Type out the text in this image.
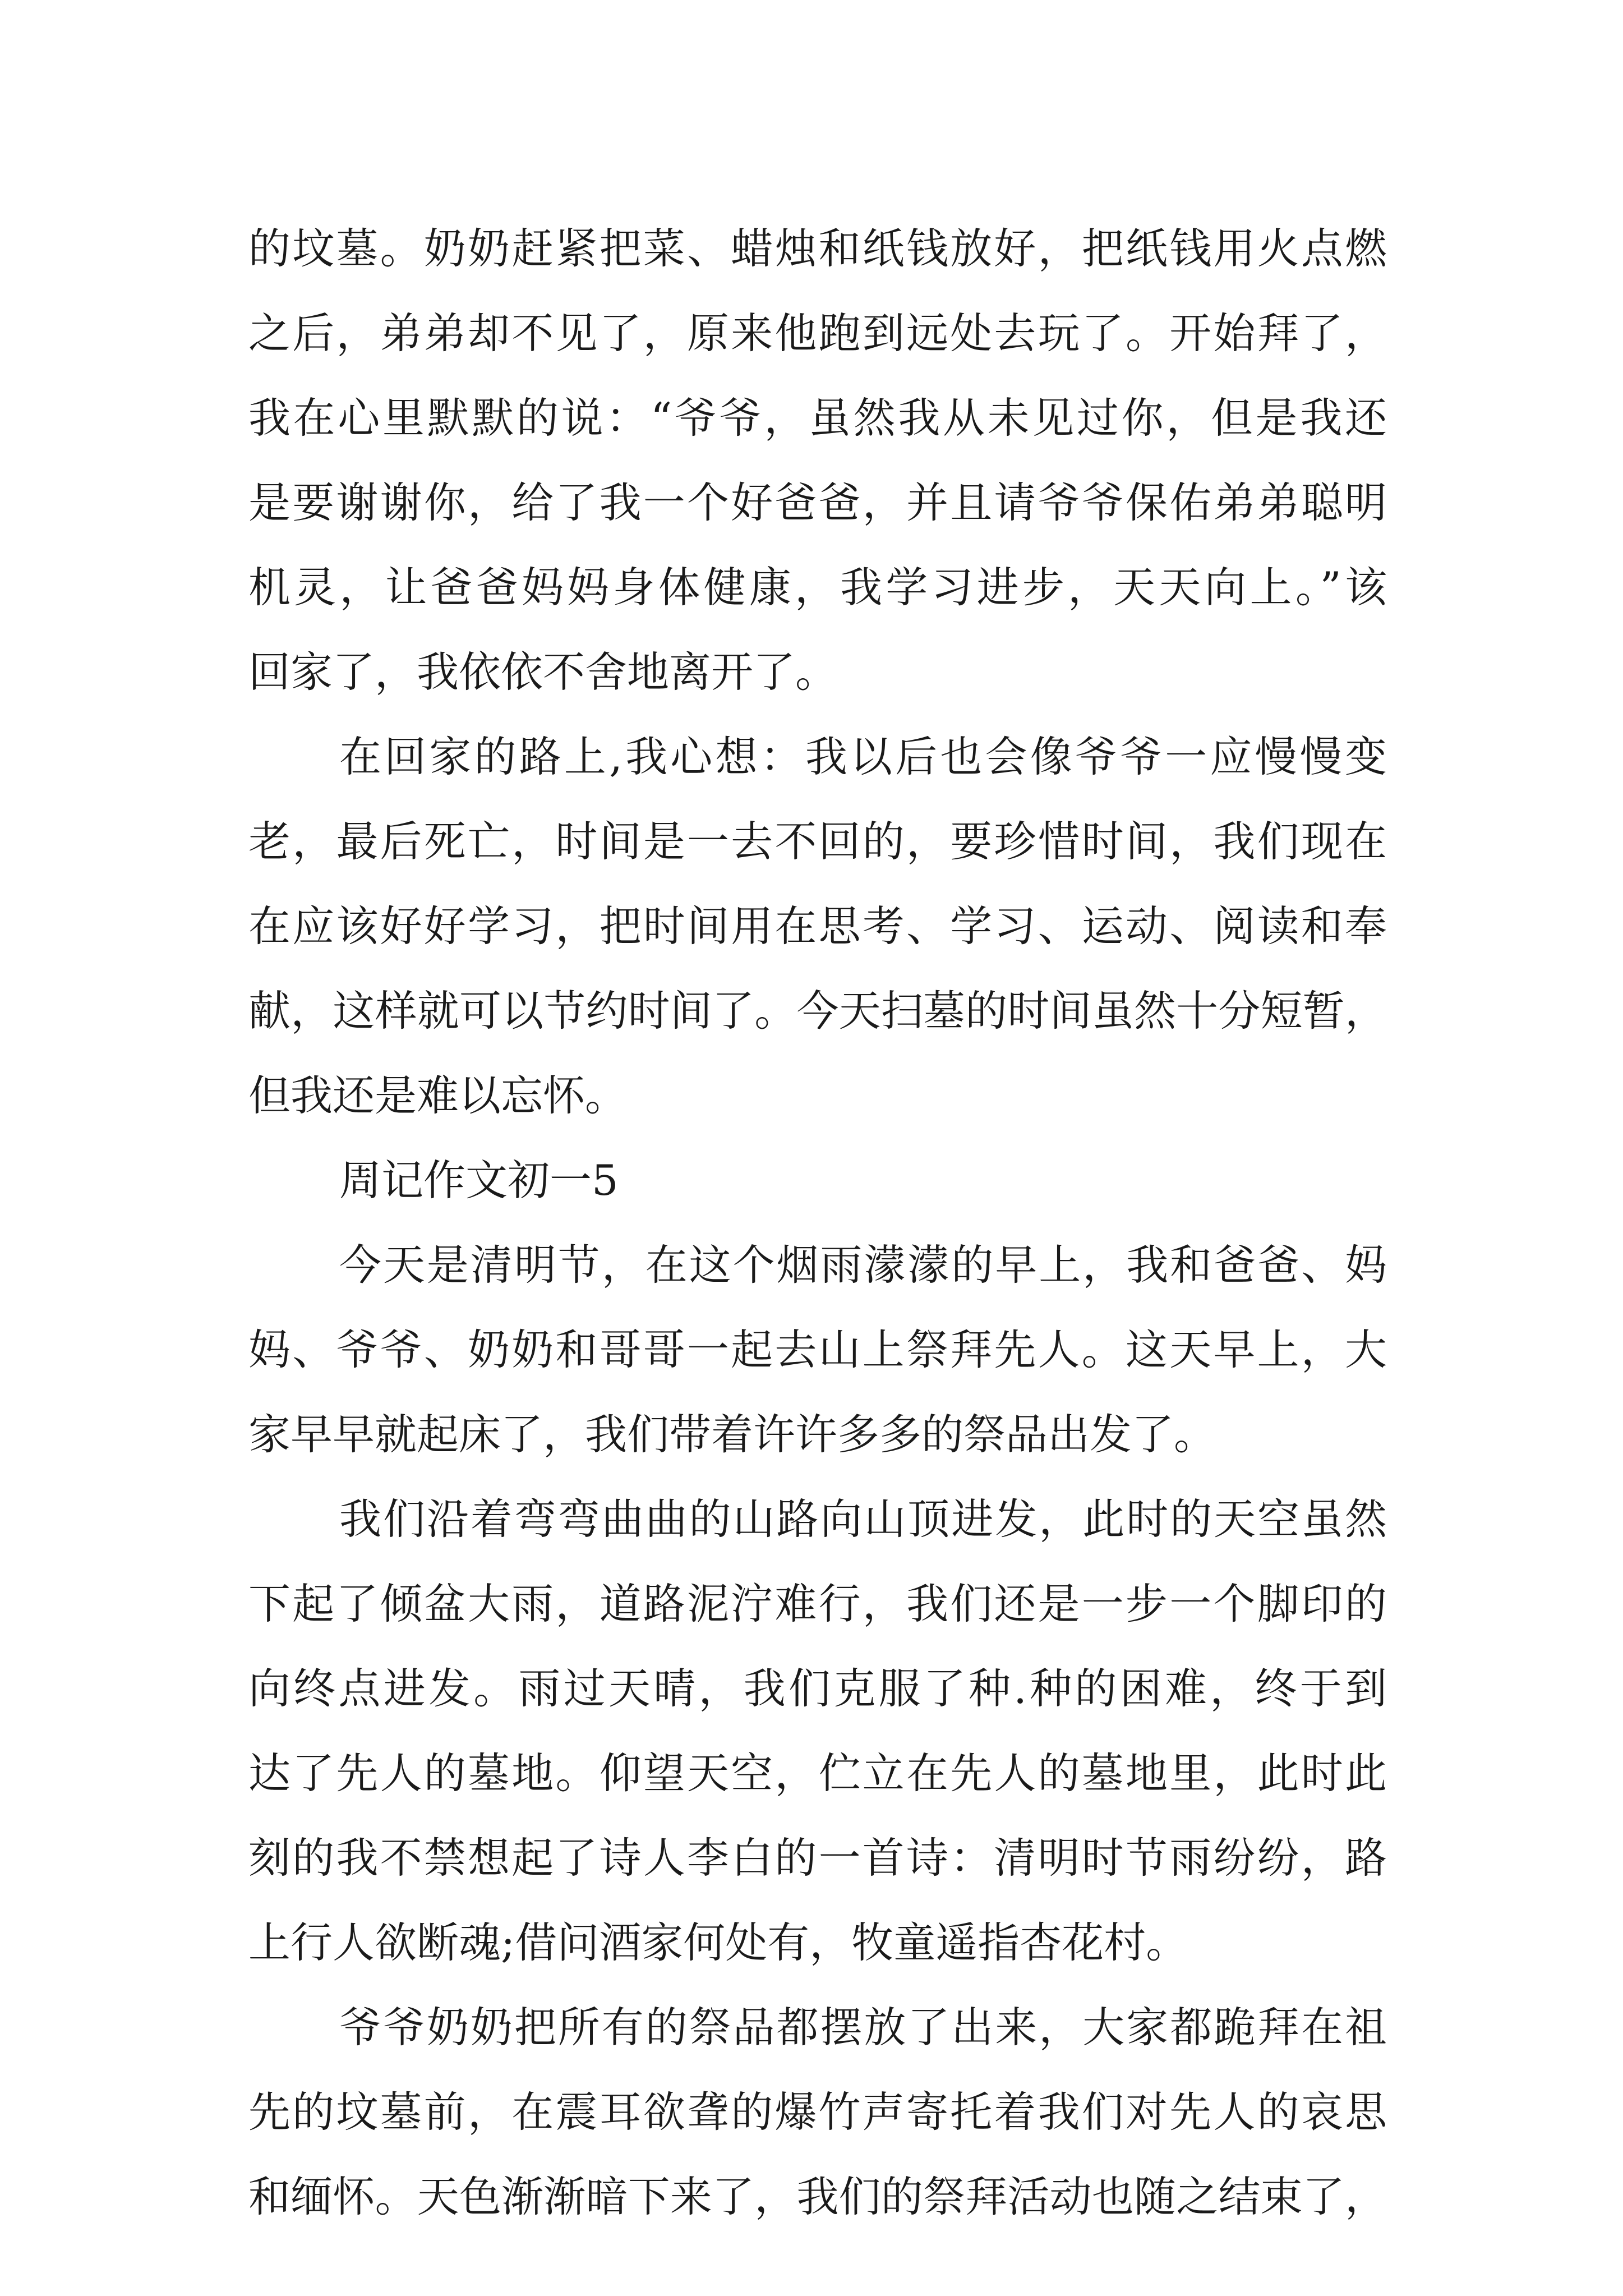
的坟墓。奶奶赶紧把菜、蜡烛和纸钱放好，把纸钱用火点燃
之后，弟弟却不见了，原来他跑到远处去玩了。开始拜了，
我在心里默默的说：“爷爷，虽然我从未见过你，但是我还
是要谢谢你，给了我一个好爸爸，并且请爷爷保佑弟弟聪明
机灵，让爸爸妈妈身体健康，我学习进步，天天向上。”该
回家了，我依依不舍地离开了。
在回家的路上,我心想：我以后也会像爷爷一应慢慢变
老，最后死亡，时间是一去不回的，要珍惜时间，我们现在
在应该好好学习，把时间用在思考、学习、运动、阅读和奉
献，这样就可以节约时间了。今天扫墓的时间虽然十分短暂，
但我还是难以忘怀。
周记作文初一5
今天是清明节，在这个烟雨濛濛的早上，我和爸爸、妈
妈、爷爷、奶奶和哥哥一起去山上祭拜先人。这天早上，大
家早早就起床了，我们带着许许多多的祭品出发了。
我们沿着弯弯曲曲的山路向山顶进发，此时的天空虽然
下起了倾盆大雨，道路泥泞难行，我们还是一步一个脚印的
向终点进发。雨过天晴，我们克服了种.种的困难，终于到
达了先人的墓地。仰望天空，伫立在先人的墓地里，此时此
刻的我不禁想起了诗人李白的一首诗：清明时节雨纷纷，路
上行人欲断魂;借问酒家何处有，牧童遥指杏花村。
爷爷奶奶把所有的祭品都摆放了出来，大家都跪拜在祖
先的坟墓前，在震耳欲聋的爆竹声寄托着我们对先人的哀思
和缅怀。天色渐渐暗下来了，我们的祭拜活动也随之结束了，
